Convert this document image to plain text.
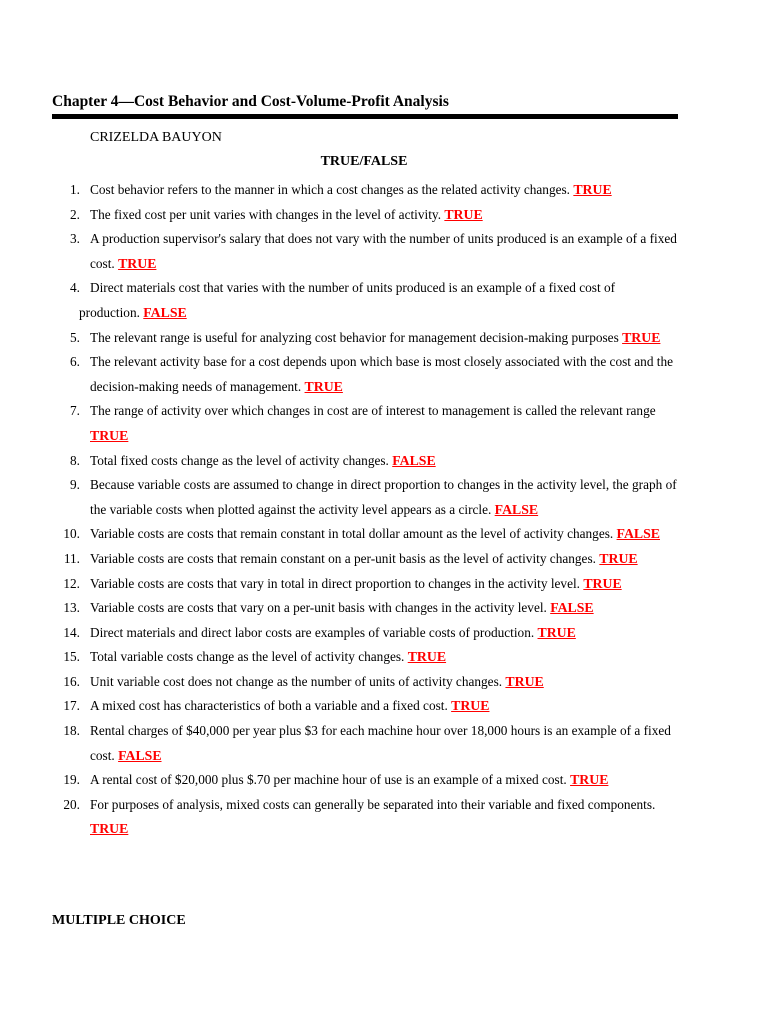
Chapter 4—Cost Behavior and Cost-Volume-Profit Analysis
CRIZELDA BAUYON
TRUE/FALSE
1. Cost behavior refers to the manner in which a cost changes as the related activity changes. TRUE
2. The fixed cost per unit varies with changes in the level of activity. TRUE
3. A production supervisor's salary that does not vary with the number of units produced is an example of a fixed cost. TRUE
4. Direct materials cost that varies with the number of units produced is an example of a fixed cost of
production. FALSE
5. The relevant range is useful for analyzing cost behavior for management decision-making purposes TRUE
6. The relevant activity base for a cost depends upon which base is most closely associated with the cost and the decision-making needs of management. TRUE
7. The range of activity over which changes in cost are of interest to management is called the relevant range TRUE
8. Total fixed costs change as the level of activity changes. FALSE
9. Because variable costs are assumed to change in direct proportion to changes in the activity level, the graph of the variable costs when plotted against the activity level appears as a circle. FALSE
10. Variable costs are costs that remain constant in total dollar amount as the level of activity changes. FALSE
11. Variable costs are costs that remain constant on a per-unit basis as the level of activity changes. TRUE
12. Variable costs are costs that vary in total in direct proportion to changes in the activity level. TRUE
13. Variable costs are costs that vary on a per-unit basis with changes in the activity level. FALSE
14. Direct materials and direct labor costs are examples of variable costs of production. TRUE
15. Total variable costs change as the level of activity changes. TRUE
16. Unit variable cost does not change as the number of units of activity changes. TRUE
17. A mixed cost has characteristics of both a variable and a fixed cost. TRUE
18. Rental charges of $40,000 per year plus $3 for each machine hour over 18,000 hours is an example of a fixed cost. FALSE
19. A rental cost of $20,000 plus $.70 per machine hour of use is an example of a mixed cost. TRUE
20. For purposes of analysis, mixed costs can generally be separated into their variable and fixed components. TRUE
MULTIPLE CHOICE
